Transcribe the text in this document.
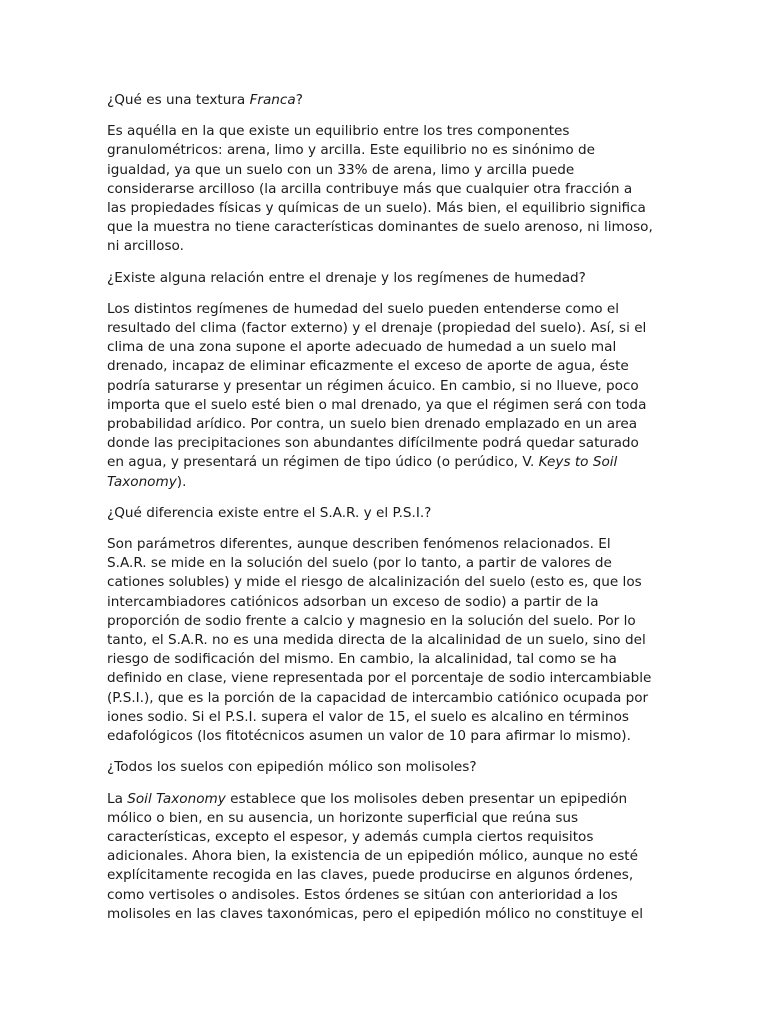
¿Qué es una textura Franca?
Es aquélla en la que existe un equilibrio entre los tres componentes
granulométricos: arena, limo y arcilla. Este equilibrio no es sinónimo de
igualdad, ya que un suelo con un 33% de arena, limo y arcilla puede
considerarse arcilloso (la arcilla contribuye más que cualquier otra fracción a
las propiedades físicas y químicas de un suelo). Más bien, el equilibrio significa
que la muestra no tiene características dominantes de suelo arenoso, ni limoso,
ni arcilloso.
¿Existe alguna relación entre el drenaje y los regímenes de humedad?
Los distintos regímenes de humedad del suelo pueden entenderse como el
resultado del clima (factor externo) y el drenaje (propiedad del suelo). Así, si el
clima de una zona supone el aporte adecuado de humedad a un suelo mal
drenado, incapaz de eliminar eficazmente el exceso de aporte de agua, éste
podría saturarse y presentar un régimen ácuico. En cambio, si no llueve, poco
importa que el suelo esté bien o mal drenado, ya que el régimen será con toda
probabilidad arídico. Por contra, un suelo bien drenado emplazado en un area
donde las precipitaciones son abundantes difícilmente podrá quedar saturado
en agua, y presentará un régimen de tipo údico (o perúdico, V. Keys to Soil
Taxonomy).
¿Qué diferencia existe entre el S.A.R. y el P.S.I.?
Son parámetros diferentes, aunque describen fenómenos relacionados. El
S.A.R. se mide en la solución del suelo (por lo tanto, a partir de valores de
cationes solubles) y mide el riesgo de alcalinización del suelo (esto es, que los
intercambiadores catiónicos adsorban un exceso de sodio) a partir de la
proporción de sodio frente a calcio y magnesio en la solución del suelo. Por lo
tanto, el S.A.R. no es una medida directa de la alcalinidad de un suelo, sino del
riesgo de sodificación del mismo. En cambio, la alcalinidad, tal como se ha
definido en clase, viene representada por el porcentaje de sodio intercambiable
(P.S.I.), que es la porción de la capacidad de intercambio catiónico ocupada por
iones sodio. Si el P.S.I. supera el valor de 15, el suelo es alcalino en términos
edafológicos (los fitotécnicos asumen un valor de 10 para afirmar lo mismo).
¿Todos los suelos con epipedión mólico son molisoles?
La Soil Taxonomy establece que los molisoles deben presentar un epipedión
mólico o bien, en su ausencia, un horizonte superficial que reúna sus
características, excepto el espesor, y además cumpla ciertos requisitos
adicionales. Ahora bien, la existencia de un epipedión mólico, aunque no esté
explícitamente recogida en las claves, puede producirse en algunos órdenes,
como vertisoles o andisoles. Estos órdenes se sitúan con anterioridad a los
molisoles en las claves taxonómicas, pero el epipedión mólico no constituye el
